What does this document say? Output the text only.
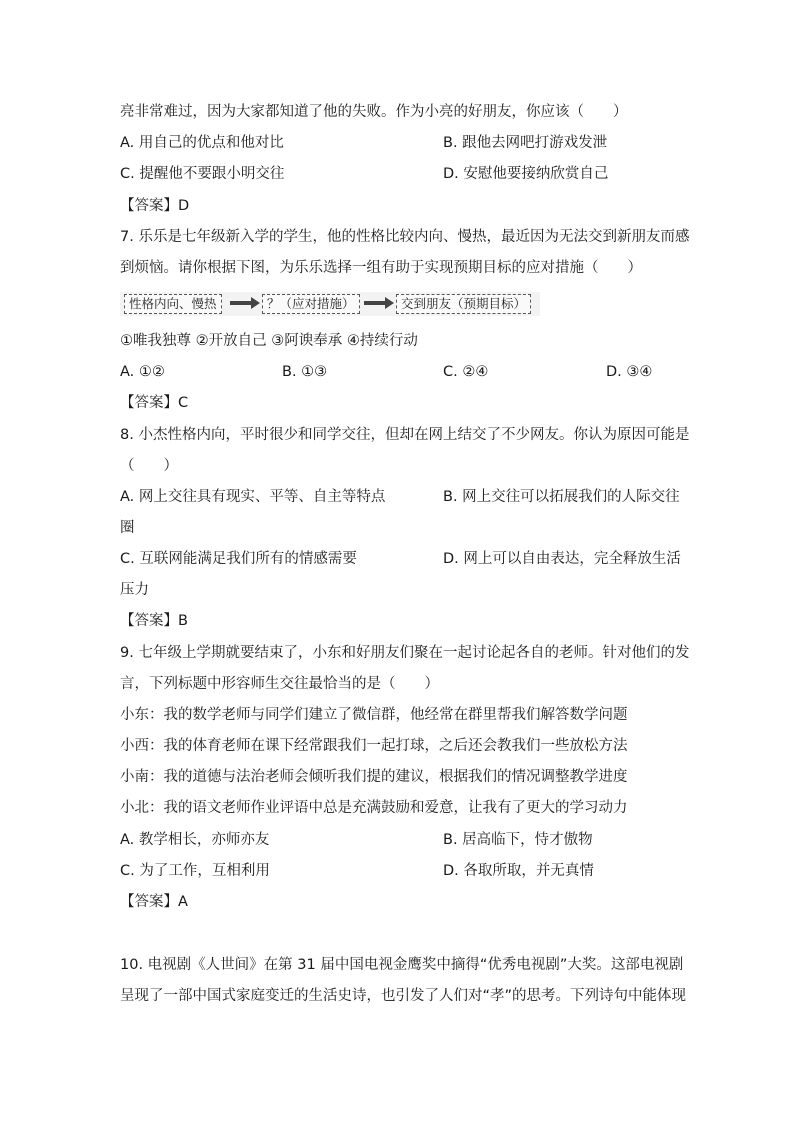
亮非常难过，因为大家都知道了他的失败。作为小亮的好朋友，你应该（　　）
A. 用自己的优点和他对比	B. 跟他去网吧打游戏发泄
C. 提醒他不要跟小明交往	D. 安慰他要接纳欣赏自己
【答案】D
7. 乐乐是七年级新入学的学生，他的性格比较内向、慢热，最近因为无法交到新朋友而感
到烦恼。请你根据下图，为乐乐选择一组有助于实现预期目标的应对措施（　　）
性格内向、慢热	？（应对措施）	交到朋友（预期目标）
①唯我独尊 ②开放自己 ③阿谀奉承 ④持续行动
A. ①②	B. ①③	C. ②④	D. ③④
【答案】C
8. 小杰性格内向，平时很少和同学交往，但却在网上结交了不少网友。你认为原因可能是
（　　）
A. 网上交往具有现实、平等、自主等特点	B. 网上交往可以拓展我们的人际交往
圈
C. 互联网能满足我们所有的情感需要	D. 网上可以自由表达，完全释放生活
压力
【答案】B
9. 七年级上学期就要结束了，小东和好朋友们聚在一起讨论起各自的老师。针对他们的发
言，下列标题中形容师生交往最恰当的是（　　）
小东：我的数学老师与同学们建立了微信群，他经常在群里帮我们解答数学问题
小西：我的体育老师在课下经常跟我们一起打球，之后还会教我们一些放松方法
小南：我的道德与法治老师会倾听我们提的建议，根据我们的情况调整教学进度
小北：我的语文老师作业评语中总是充满鼓励和爱意，让我有了更大的学习动力
A. 教学相长，亦师亦友	B. 居高临下，恃才傲物
C. 为了工作，互相利用	D. 各取所取，并无真情
【答案】A
10. 电视剧《人世间》在第 31 届中国电视金鹰奖中摘得“优秀电视剧”大奖。这部电视剧
呈现了一部中国式家庭变迁的生活史诗，也引发了人们对“孝”的思考。下列诗句中能体现
